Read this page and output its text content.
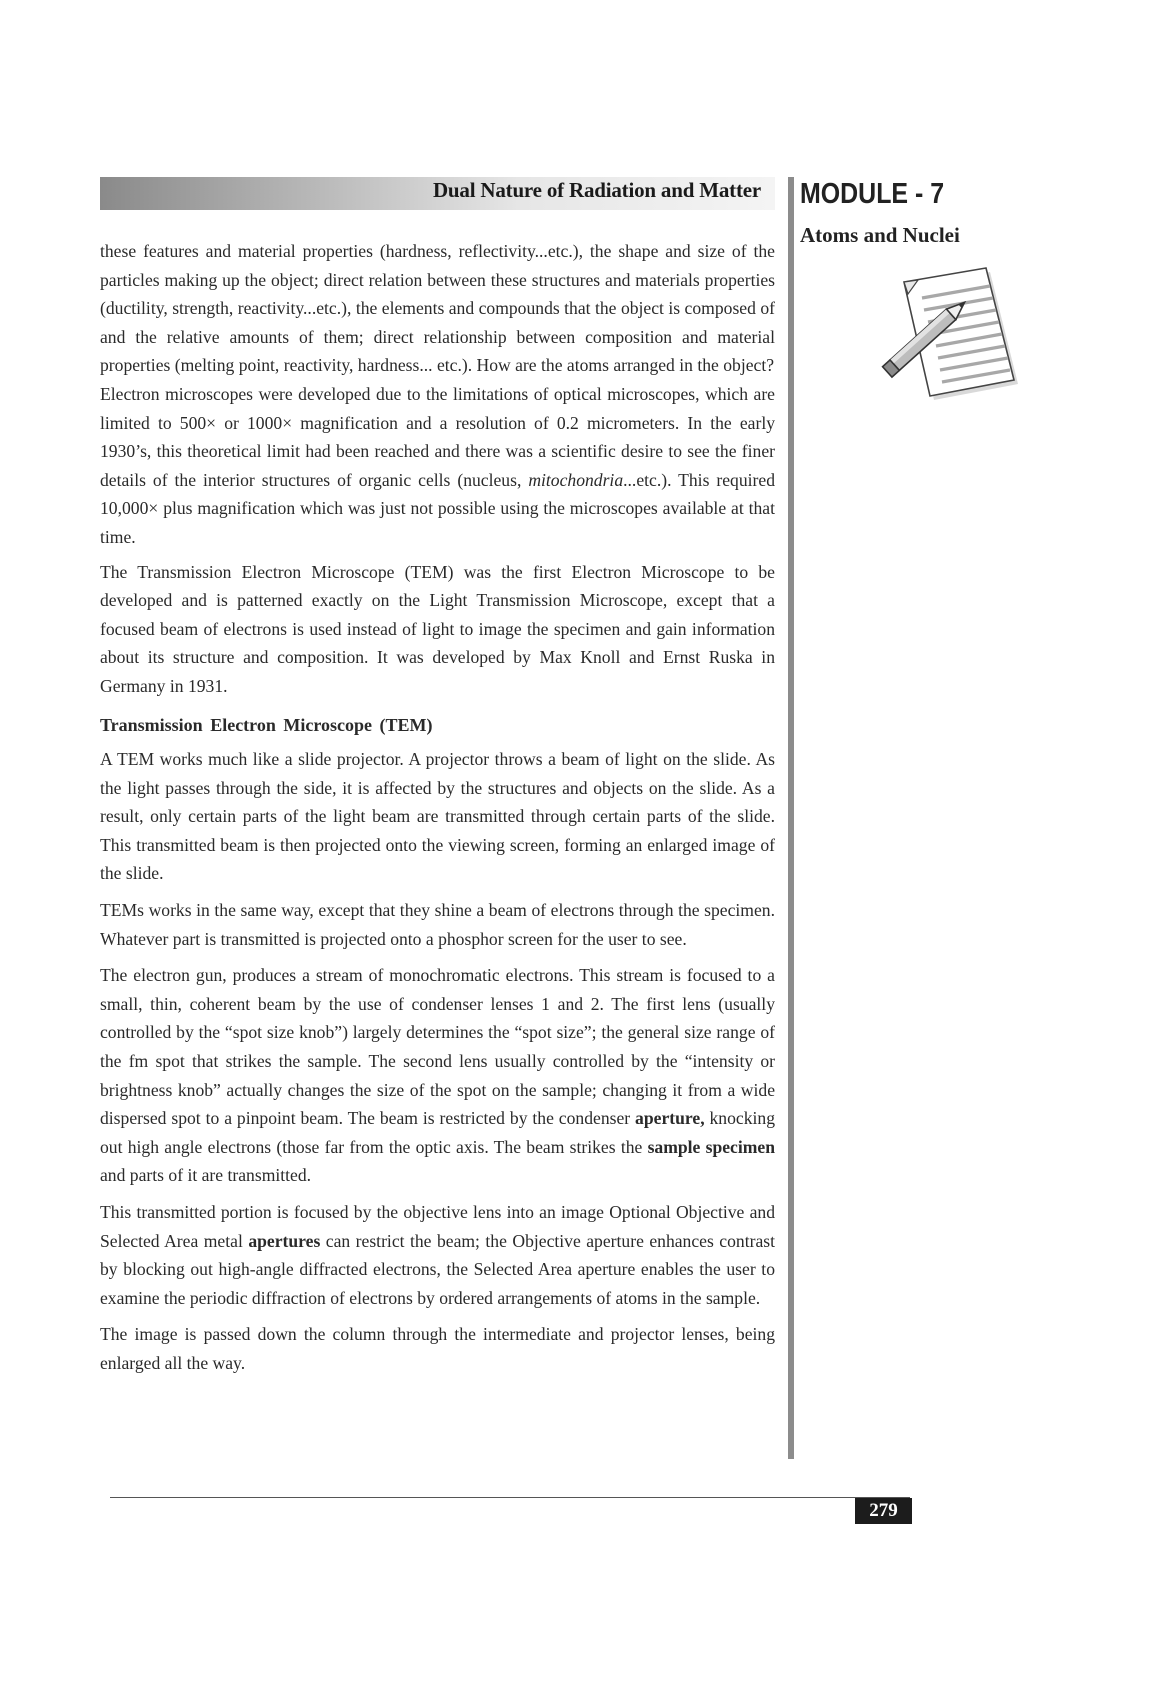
Dual Nature of Radiation and Matter MODULE - 7
Atoms and Nuclei

these features and material properties (hardness, reflectivity...etc.), the shape and size of the particles making up the object; direct relation between these structures and materials properties (ductility, strength, reactivity...etc.), the elements and compounds that the object is composed of and the relative amounts of them; direct relationship between composition and material properties (melting point, reactivity, hardness... etc.). How are the atoms arranged in the object?

Electron microscopes were developed due to the limitations of optical microscopes, which are limited to 500× or 1000× magnification and a resolution of 0.2 micrometers. In the early 1930’s, this theoretical limit had been reached and there was a scientific desire to see the finer details of the interior structures of organic cells (nucleus, mitochondria...etc.). This required 10,000× plus magnification which was just not possible using the microscopes available at that time.

The Transmission Electron Microscope (TEM) was the first Electron Microscope to be developed and is patterned exactly on the Light Transmission Microscope, except that a focused beam of electrons is used instead of light to image the specimen and gain information about its structure and composition. It was developed by Max Knoll and Ernst Ruska in Germany in 1931.

Transmission Electron Microscope (TEM)

A TEM works much like a slide projector. A projector throws a beam of light on the slide. As the light passes through the side, it is affected by the structures and objects on the slide. As a result, only certain parts of the light beam are transmitted through certain parts of the slide. This transmitted beam is then projected onto the viewing screen, forming an enlarged image of the slide.

TEMs works in the same way, except that they shine a beam of electrons through the specimen. Whatever part is transmitted is projected onto a phosphor screen for the user to see.

The electron gun, produces a stream of monochromatic electrons. This stream is focused to a small, thin, coherent beam by the use of condenser lenses 1 and 2. The first lens (usually controlled by the “spot size knob”) largely determines the “spot size”; the general size range of the fm spot that strikes the sample. The second lens usually controlled by the “intensity or brightness knob” actually changes the size of the spot on the sample; changing it from a wide dispersed spot to a pinpoint beam. The beam is restricted by the condenser aperture, knocking out high angle electrons (those far from the optic axis. The beam strikes the sample specimen and parts of it are transmitted.

This transmitted portion is focused by the objective lens into an image Optional Objective and Selected Area metal apertures can restrict the beam; the Objective aperture enhances contrast by blocking out high-angle diffracted electrons, the Selected Area aperture enables the user to examine the periodic diffraction of electrons by ordered arrangements of atoms in the sample.

The image is passed down the column through the intermediate and projector lenses, being enlarged all the way.

279
